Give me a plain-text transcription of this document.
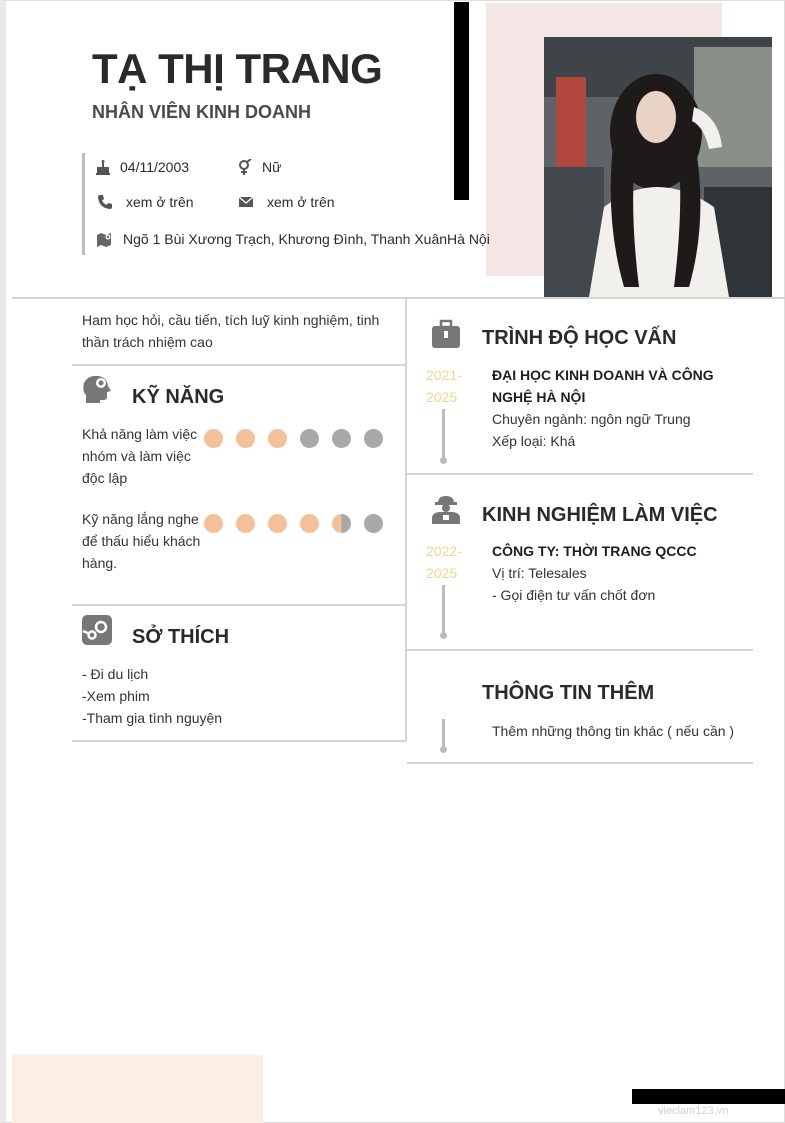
TẠ THỊ TRANG
NHÂN VIÊN KINH DOANH
04/11/2003	Nữ
xem ở trên	xem ở trên
Ngõ 1 Bùi Xương Trạch, Khương Đình, Thanh XuânHà Nội
Ham học hỏi, cầu tiến, tích luỹ kinh nghiệm, tinh thần trách nhiệm cao
KỸ NĂNG
Khả năng làm việc nhóm và làm việc độc lập
Kỹ năng lắng nghe để thấu hiểu khách hàng.
SỞ THÍCH
- Đi du lịch
-Xem phim
-Tham gia tình nguyện
TRÌNH ĐỘ HỌC VẤN
2021-
2025
ĐẠI HỌC KINH DOANH VÀ CÔNG NGHỆ HÀ NỘI
Chuyên ngành: ngôn ngữ Trung
Xếp loại: Khá
KINH NGHIỆM LÀM VIỆC
2022-
2025
CÔNG TY: THỜI TRANG QCCC
Vị trí: Telesales
- Gọi điện tư vấn chốt đơn
THÔNG TIN THÊM
Thêm những thông tin khác ( nếu cần )
vieclam123.vn
